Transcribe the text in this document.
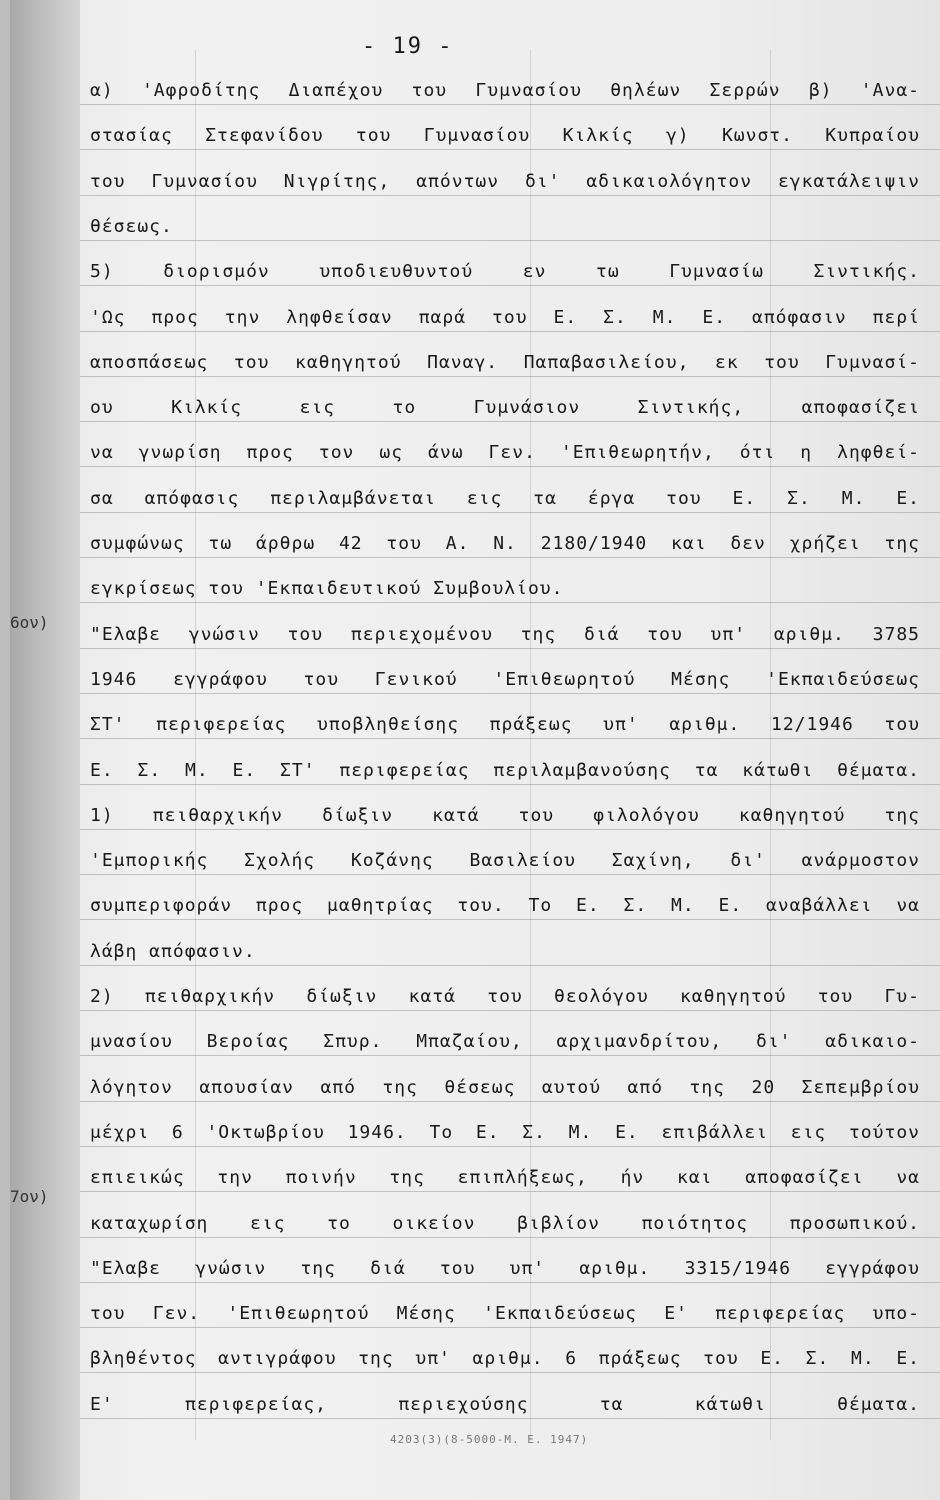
- 19 -
α) 'Αφροδίτης Διαπέχου του Γυμνασίου θηλέων Σερρών β) 'Ανα-
στασίας Στεφανίδου του Γυμνασίου Κιλκίς γ) Κωνστ. Κυπραίου
του Γυμνασίου Νιγρίτης, απόντων δι' αδικαιολόγητον εγκατάλειψιν
θέσεως.
5) διορισμόν υποδιευθυντού εν τω Γυμνασίω Σιντικής.
'Ως προς την ληφθείσαν παρά του Ε. Σ. Μ. Ε. απόφασιν περί
αποσπάσεως του καθηγητού Παναγ. Παπαβασιλείου, εκ του Γυμνασί-
ου Κιλκίς εις το Γυμνάσιον Σιντικής, αποφασίζει
να γνωρίση προς τον ως άνω Γεν. 'Επιθεωρητήν, ότι η ληφθεί-
σα απόφασις περιλαμβάνεται εις τα έργα του Ε. Σ. Μ. Ε.
συμφώνως τω άρθρω 42 του Α. Ν. 2180/1940 και δεν χρήζει της
εγκρίσεως του 'Εκπαιδευτικού Συμβουλίου.
"Ελαβε γνώσιν του περιεχομένου της διά του υπ' αριθμ. 3785
1946 εγγράφου του Γενικού 'Επιθεωρητού Μέσης 'Εκπαιδεύσεως
ΣΤ' περιφερείας υποβληθείσης πράξεως υπ' αριθμ. 12/1946 του
Ε. Σ. Μ. Ε. ΣΤ' περιφερείας περιλαμβανούσης τα κάτωθι θέματα.
1) πειθαρχικήν δίωξιν κατά του φιλολόγου καθηγητού της
'Εμπορικής Σχολής Κοζάνης Βασιλείου Σαχίνη, δι' ανάρμοστον
συμπεριφοράν προς μαθητρίας του. Το Ε. Σ. Μ. Ε. αναβάλλει να
λάβη απόφασιν.
2) πειθαρχικήν δίωξιν κατά του θεολόγου καθηγητού του Γυ-
μνασίου Βεροίας Σπυρ. Μπαζαίου, αρχιμανδρίτου, δι' αδικαιο-
λόγητον απουσίαν από της θέσεως αυτού από της 20 Σεπεμβρίου
μέχρι 6 'Οκτωβρίου 1946. Το Ε. Σ. Μ. Ε. επιβάλλει εις τούτον
επιεικώς την ποινήν της επιπλήξεως, ήν και αποφασίζει να
καταχωρίση εις το οικείον βιβλίον ποιότητος προσωπικού.
"Ελαβε γνώσιν της διά του υπ' αριθμ. 3315/1946 εγγράφου
του Γεν. 'Επιθεωρητού Μέσης 'Εκπαιδεύσεως Ε' περιφερείας υπο-
βληθέντος αντιγράφου της υπ' αριθμ. 6 πράξεως του Ε. Σ. Μ. Ε.
Ε' περιφερείας, περιεχούσης τα κάτωθι θέματα.
6ον)
7ον)
4203(3)(8-5000-Μ. Ε. 1947)
